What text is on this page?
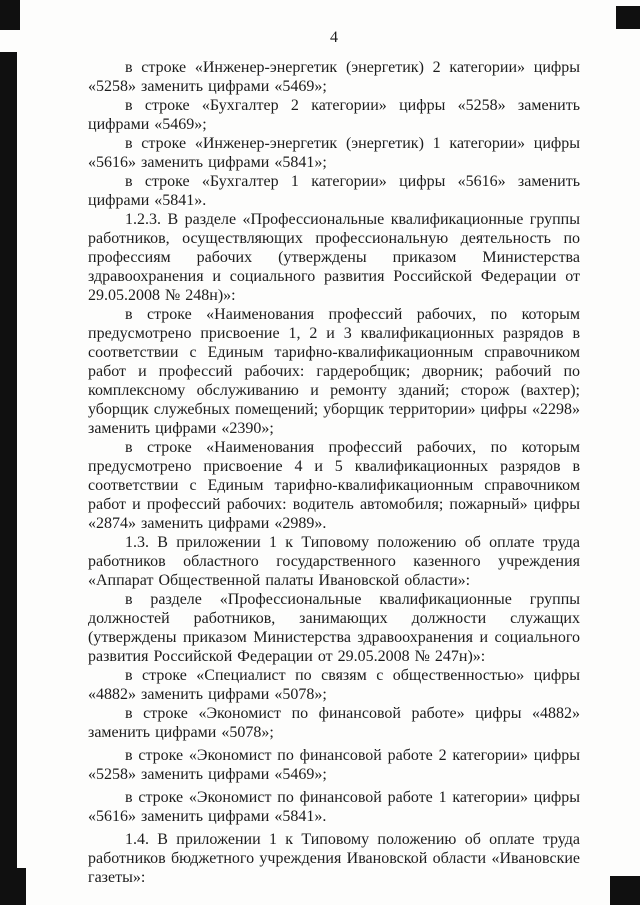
4

в строке «Инженер-энергетик (энергетик) 2 категории» цифры «5258» заменить цифрами «5469»;

в строке «Бухгалтер 2 категории» цифры «5258» заменить цифрами «5469»;

в строке «Инженер-энергетик (энергетик) 1 категории» цифры «5616» заменить цифрами «5841»;

в строке «Бухгалтер 1 категории» цифры «5616» заменить цифрами «5841».

1.2.3. В разделе «Профессиональные квалификационные группы работников, осуществляющих профессиональную деятельность по профессиям рабочих (утверждены приказом Министерства здравоохранения и социального развития Российской Федерации от 29.05.2008 № 248н)»:

в строке «Наименования профессий рабочих, по которым предусмотрено присвоение 1, 2 и 3 квалификационных разрядов в соответствии с Единым тарифно-квалификационным справочником работ и профессий рабочих: гардеробщик; дворник; рабочий по комплексному обслуживанию и ремонту зданий; сторож (вахтер); уборщик служебных помещений; уборщик территории» цифры «2298» заменить цифрами «2390»;

в строке «Наименования профессий рабочих, по которым предусмотрено присвоение 4 и 5 квалификационных разрядов в соответствии с Единым тарифно-квалификационным справочником работ и профессий рабочих: водитель автомобиля; пожарный» цифры «2874» заменить цифрами «2989».

1.3. В приложении 1 к Типовому положению об оплате труда работников областного государственного казенного учреждения «Аппарат Общественной палаты Ивановской области»:

в разделе «Профессиональные квалификационные группы должностей работников, занимающих должности служащих (утверждены приказом Министерства здравоохранения и социального развития Российской Федерации от 29.05.2008 № 247н)»:

в строке «Специалист по связям с общественностью» цифры «4882» заменить цифрами «5078»;

в строке «Экономист по финансовой работе» цифры «4882» заменить цифрами «5078»;

в строке «Экономист по финансовой работе 2 категории» цифры «5258» заменить цифрами «5469»;

в строке «Экономист по финансовой работе 1 категории» цифры «5616» заменить цифрами «5841».

1.4. В приложении 1 к Типовому положению об оплате труда работников бюджетного учреждения Ивановской области «Ивановские газеты»:
